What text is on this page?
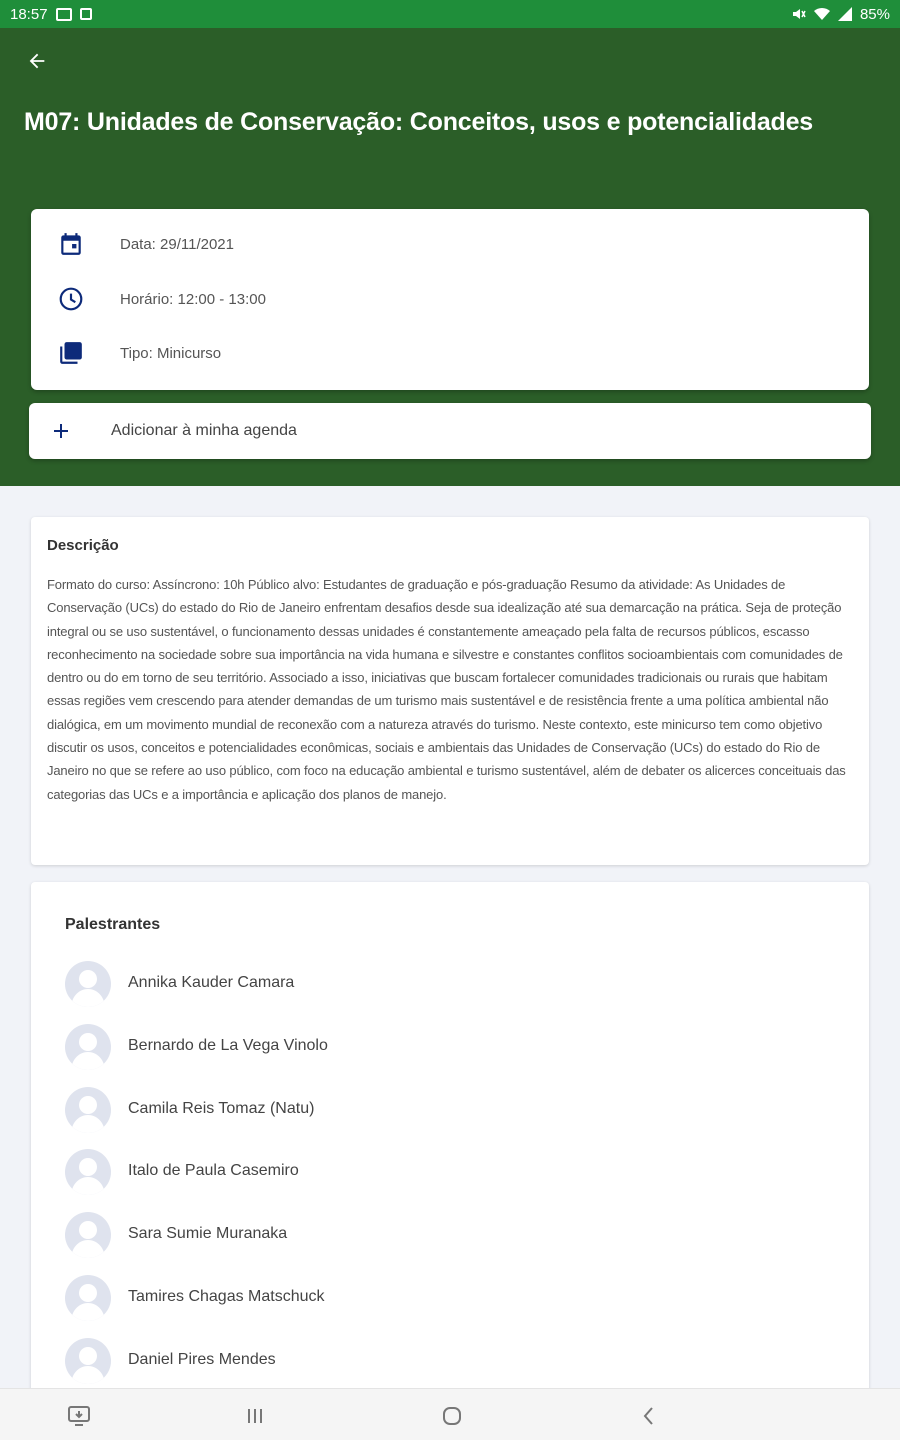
18:57	85%
M07: Unidades de Conservação: Conceitos, usos e potencialidades
Data: 29/11/2021
Horário: 12:00 - 13:00
Tipo: Minicurso
Adicionar à minha agenda
Descrição
Formato do curso: Assíncrono: 10h Público alvo: Estudantes de graduação e pós-graduação Resumo da atividade: As Unidades de Conservação (UCs) do estado do Rio de Janeiro enfrentam desafios desde sua idealização até sua demarcação na prática. Seja de proteção integral ou se uso sustentável, o funcionamento dessas unidades é constantemente ameaçado pela falta de recursos públicos, escasso reconhecimento na sociedade sobre sua importância na vida humana e silvestre e constantes conflitos socioambientais com comunidades de dentro ou do em torno de seu território. Associado a isso, iniciativas que buscam fortalecer comunidades tradicionais ou rurais que habitam essas regiões vem crescendo para atender demandas de um turismo mais sustentável e de resistência frente a uma política ambiental não dialógica, em um movimento mundial de reconexão com a natureza através do turismo. Neste contexto, este minicurso tem como objetivo discutir os usos, conceitos e potencialidades econômicas, sociais e ambientais das Unidades de Conservação (UCs) do estado do Rio de Janeiro no que se refere ao uso público, com foco na educação ambiental e turismo sustentável, além de debater os alicerces conceituais das categorias das UCs e a importância e aplicação dos planos de manejo.
Palestrantes
Annika Kauder Camara
Bernardo de La Vega Vinolo
Camila Reis Tomaz (Natu)
Italo de Paula Casemiro
Sara Sumie Muranaka
Tamires Chagas Matschuck
Daniel Pires Mendes
